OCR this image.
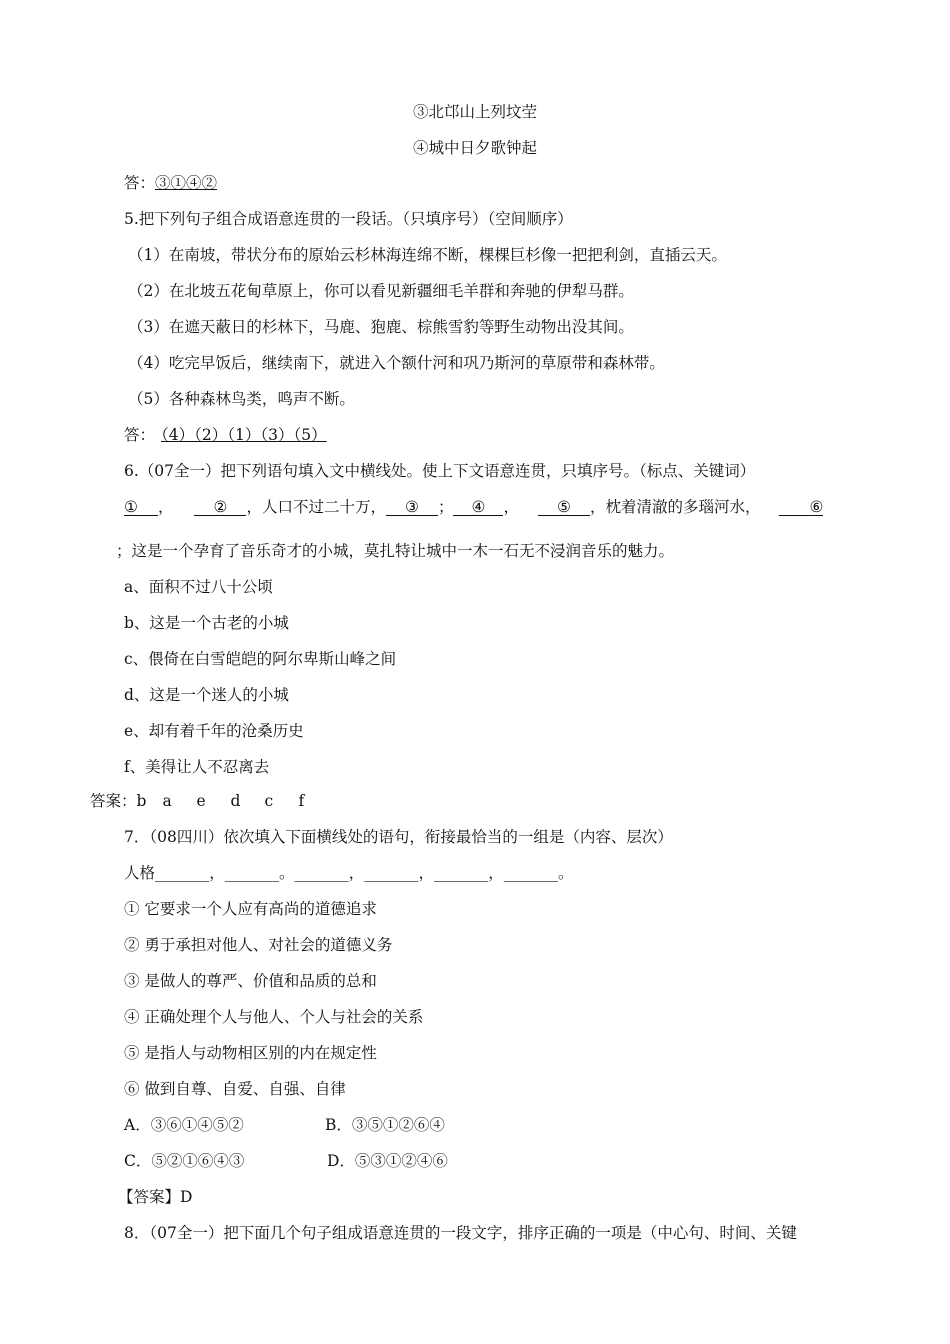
③北邙山上列坟茔
④城中日夕歌钟起
答：③①④②
5.把下列句子组合成语意连贯的一段话。（只填序号）（空间顺序）
（1）在南坡，带状分布的原始云杉林海连绵不断，棵棵巨杉像一把把利剑，直插云天。
（2）在北坡五花甸草原上，你可以看见新疆细毛羊群和奔驰的伊犁马群。
（3）在遮天蔽日的杉林下，马鹿、狍鹿、棕熊雪豹等野生动物出没其间。
（4）吃完早饭后，继续南下，就进入个额什河和巩乃斯河的草原带和森林带。
（5）各种森林鸟类，鸣声不断。
答： （4）（2）（1）（3）（5）
6.（07全一）把下列语句填入文中横线处。使上下文语意连贯，只填序号。（标点、关键词）
① ，	② ，人口不过二十万， ③ ； ④ ， ⑤ ，枕着清澈的多瑙河水，	⑥
；这是一个孕育了音乐奇才的小城，莫扎特让城中一木一石无不浸润音乐的魅力。
a、面积不过八十公顷
b、这是一个古老的小城
c、偎倚在白雪皑皑的阿尔卑斯山峰之间
d、这是一个迷人的小城
e、却有着千年的沧桑历史
f、美得让人不忍离去
答案：b a e d c f
7．（08四川）依次填入下面横线处的语句，衔接最恰当的一组是（内容、层次）
人格_______，_______。_______，_______，_______，_______。
① 它要求一个人应有高尚的道德追求
② 勇于承担对他人、对社会的道德义务
③ 是做人的尊严、价值和品质的总和
④ 正确处理个人与他人、个人与社会的关系
⑤ 是指人与动物相区别的内在规定性
⑥ 做到自尊、自爱、自强、自律
A．③⑥①④⑤②	B．③⑤①②⑥④
C．⑤②①⑥④③	D．⑤③①②④⑥
【答案】D
8．（07全一）把下面几个句子组成语意连贯的一段文字，排序正确的一项是（中心句、时间、关键
